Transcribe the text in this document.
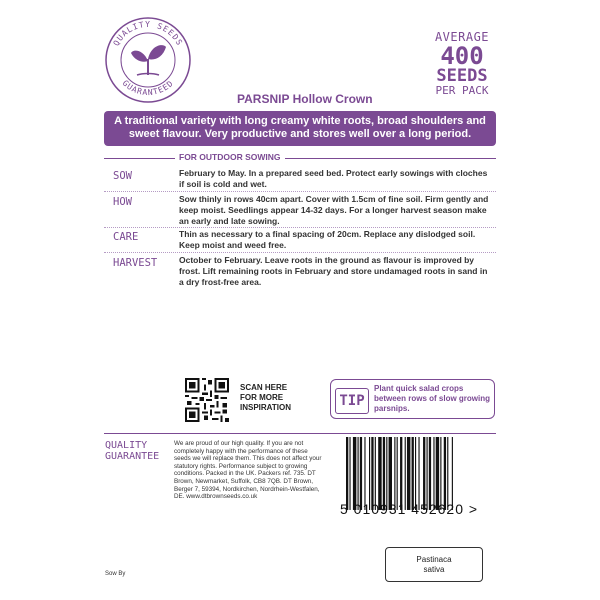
QUALITY SEEDS
GUARANTEED
AVERAGE
400
SEEDS
PER PACK
PARSNIP Hollow Crown
A traditional variety with long creamy white roots, broad shoulders and sweet flavour. Very productive and stores well over a long period.
FOR OUTDOOR SOWING
SOW	February to May. In a prepared seed bed. Protect early sowings with cloches if soil is cold and wet.
HOW	Sow thinly in rows 40cm apart. Cover with 1.5cm of fine soil. Firm gently and keep moist. Seedlings appear 14-32 days. For a longer harvest season make an early and late sowing.
CARE	Thin as necessary to a final spacing of 20cm. Replace any dislodged soil. Keep moist and weed free.
HARVEST	October to February. Leave roots in the ground as flavour is improved by frost. Lift remaining roots in February and store undamaged roots in sand in a dry frost-free area.
SCAN HERE FOR MORE INSPIRATION	TIP
Plant quick salad crops between rows of slow growing parsnips.
QUALITY
GUARANTEE
We are proud of our high quality. If you are not completely happy with the performance of these seeds we will replace them. This does not affect your statutory rights. Performance subject to growing conditions. Packed in the UK. Packers ref. 735. DT Brown, Newmarket, Suffolk, CB8 7QB. DT Brown, Berger 7, 59394, Nordkirchen, Nordrhein-Westfalen, DE. www.dtbrownseeds.co.uk
5 010931 452620 >
Pastinaca
sativa
Sow By
